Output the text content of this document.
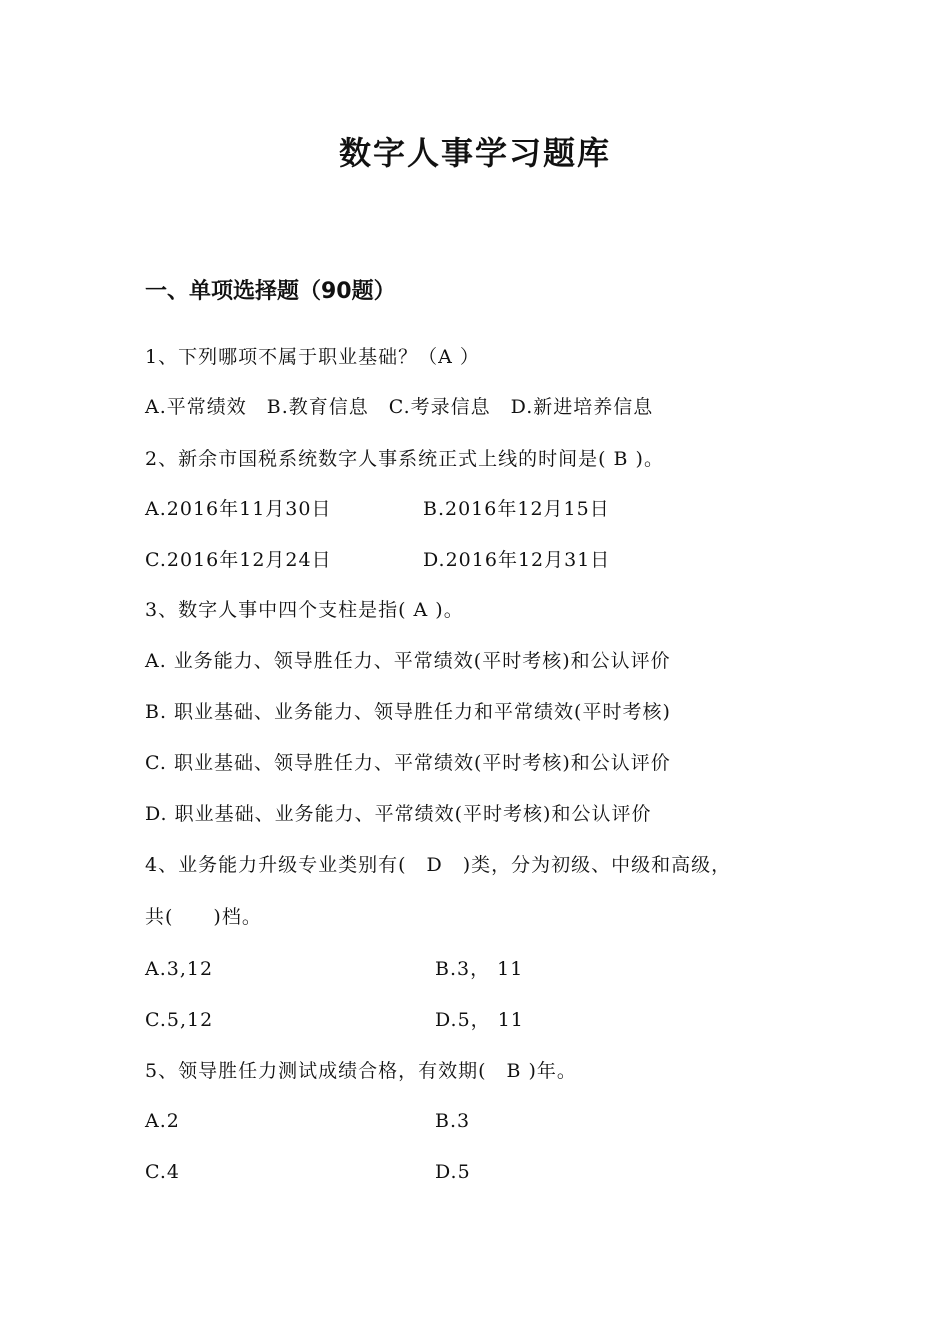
数字人事学习题库
一、单项选择题（90题）
1、下列哪项不属于职业基础？（A ）
A.平常绩效　B.教育信息　C.考录信息　D.新进培养信息
2、新余市国税系统数字人事系统正式上线的时间是( B )。
A.2016年11月30日	B.2016年12月15日
C.2016年12月24日	D.2016年12月31日
3、数字人事中四个支柱是指( A )。
A. 业务能力、领导胜任力、平常绩效(平时考核)和公认评价
B. 职业基础、业务能力、领导胜任力和平常绩效(平时考核)
C. 职业基础、领导胜任力、平常绩效(平时考核)和公认评价
D. 职业基础、业务能力、平常绩效(平时考核)和公认评价
4、业务能力升级专业类别有(　D　)类，分为初级、中级和高级，
共(　　)档。
A.3,12	B.3， 11
C.5,12	D.5， 11
5、领导胜任力测试成绩合格，有效期(　B )年。
A.2	B.3
C.4	D.5
